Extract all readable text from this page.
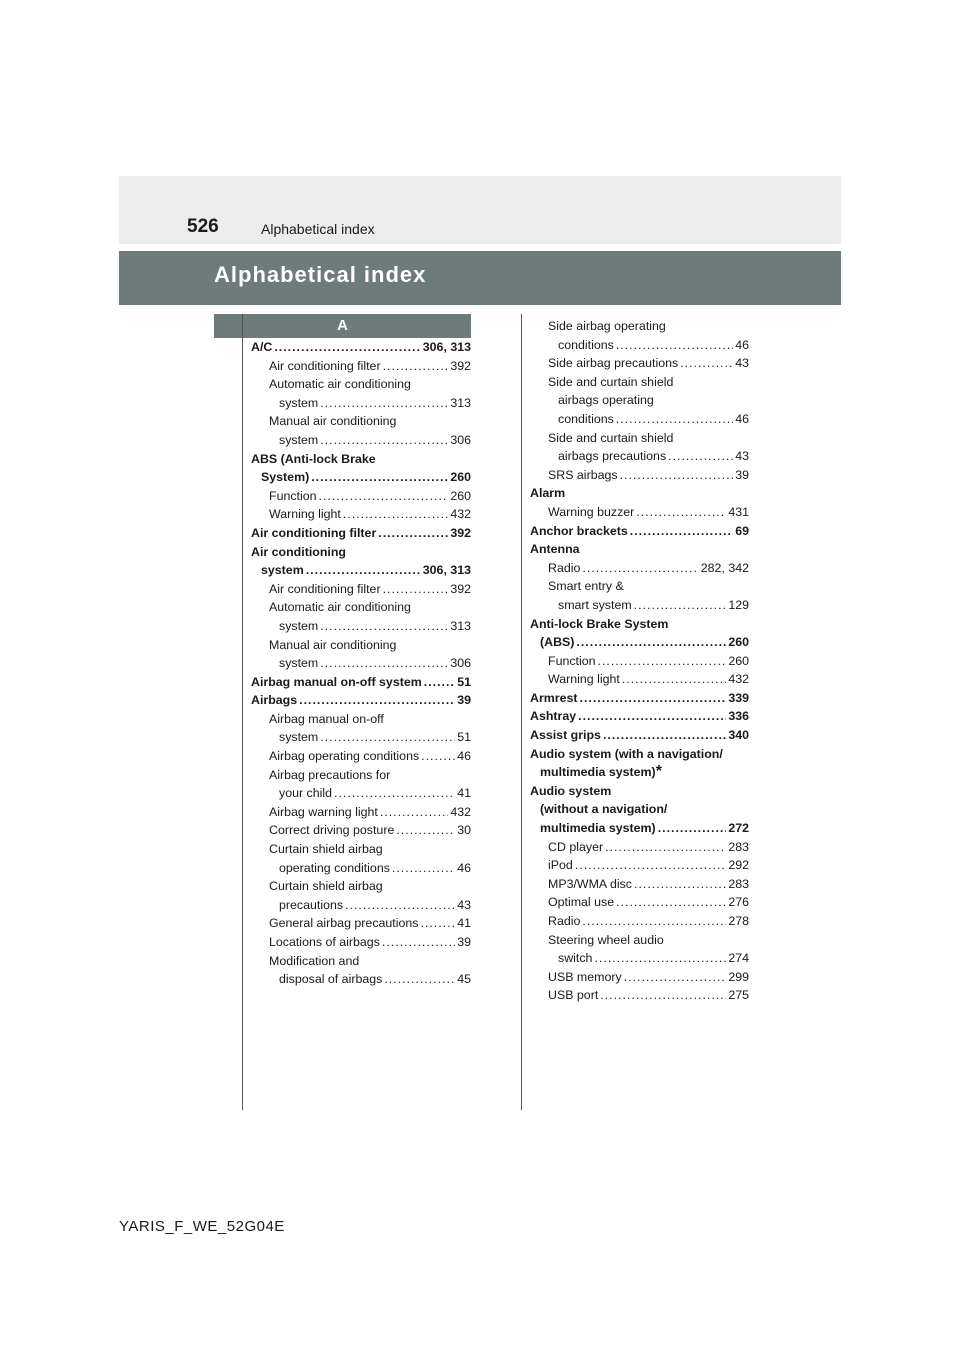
526	Alphabetical index
Alphabetical index
A
A/C .....	306, 313
Air conditioning filter .....	392
Automatic air conditioning
system .....	313
Manual air conditioning
system .....	306
ABS (Anti-lock Brake
System) .....	260
Function .....	260
Warning light .....	432
Air conditioning filter .....	392
Air conditioning
system .....	306, 313
Air conditioning filter .....	392
Automatic air conditioning
system .....	313
Manual air conditioning
system .....	306
Airbag manual on-off system .....	51
Airbags .....	39
Airbag manual on-off
system .....	51
Airbag operating conditions .....	46
Airbag precautions for
your child .....	41
Airbag warning light .....	432
Correct driving posture .....	30
Curtain shield airbag
operating conditions .....	46
Curtain shield airbag
precautions .....	43
General airbag precautions .....	41
Locations of airbags .....	39
Modification and
disposal of airbags .....	45
Side airbag operating
conditions .....	46
Side airbag precautions .....	43
Side and curtain shield
airbags operating
conditions .....	46
Side and curtain shield
airbags precautions .....	43
SRS airbags .....	39
Alarm
Warning buzzer .....	431
Anchor brackets .....	69
Antenna
Radio .....	282, 342
Smart entry &
smart system .....	129
Anti-lock Brake System
(ABS) .....	260
Function .....	260
Warning light .....	432
Armrest .....	339
Ashtray .....	336
Assist grips .....	340
Audio system (with a navigation/
multimedia system) *
Audio system
(without a navigation/
multimedia system) .....	272
CD player .....	283
iPod .....	292
MP3/WMA disc .....	283
Optimal use .....	276
Radio .....	278
Steering wheel audio
switch .....	274
USB memory .....	299
USB port .....	275
YARIS_F_WE_52G04E
